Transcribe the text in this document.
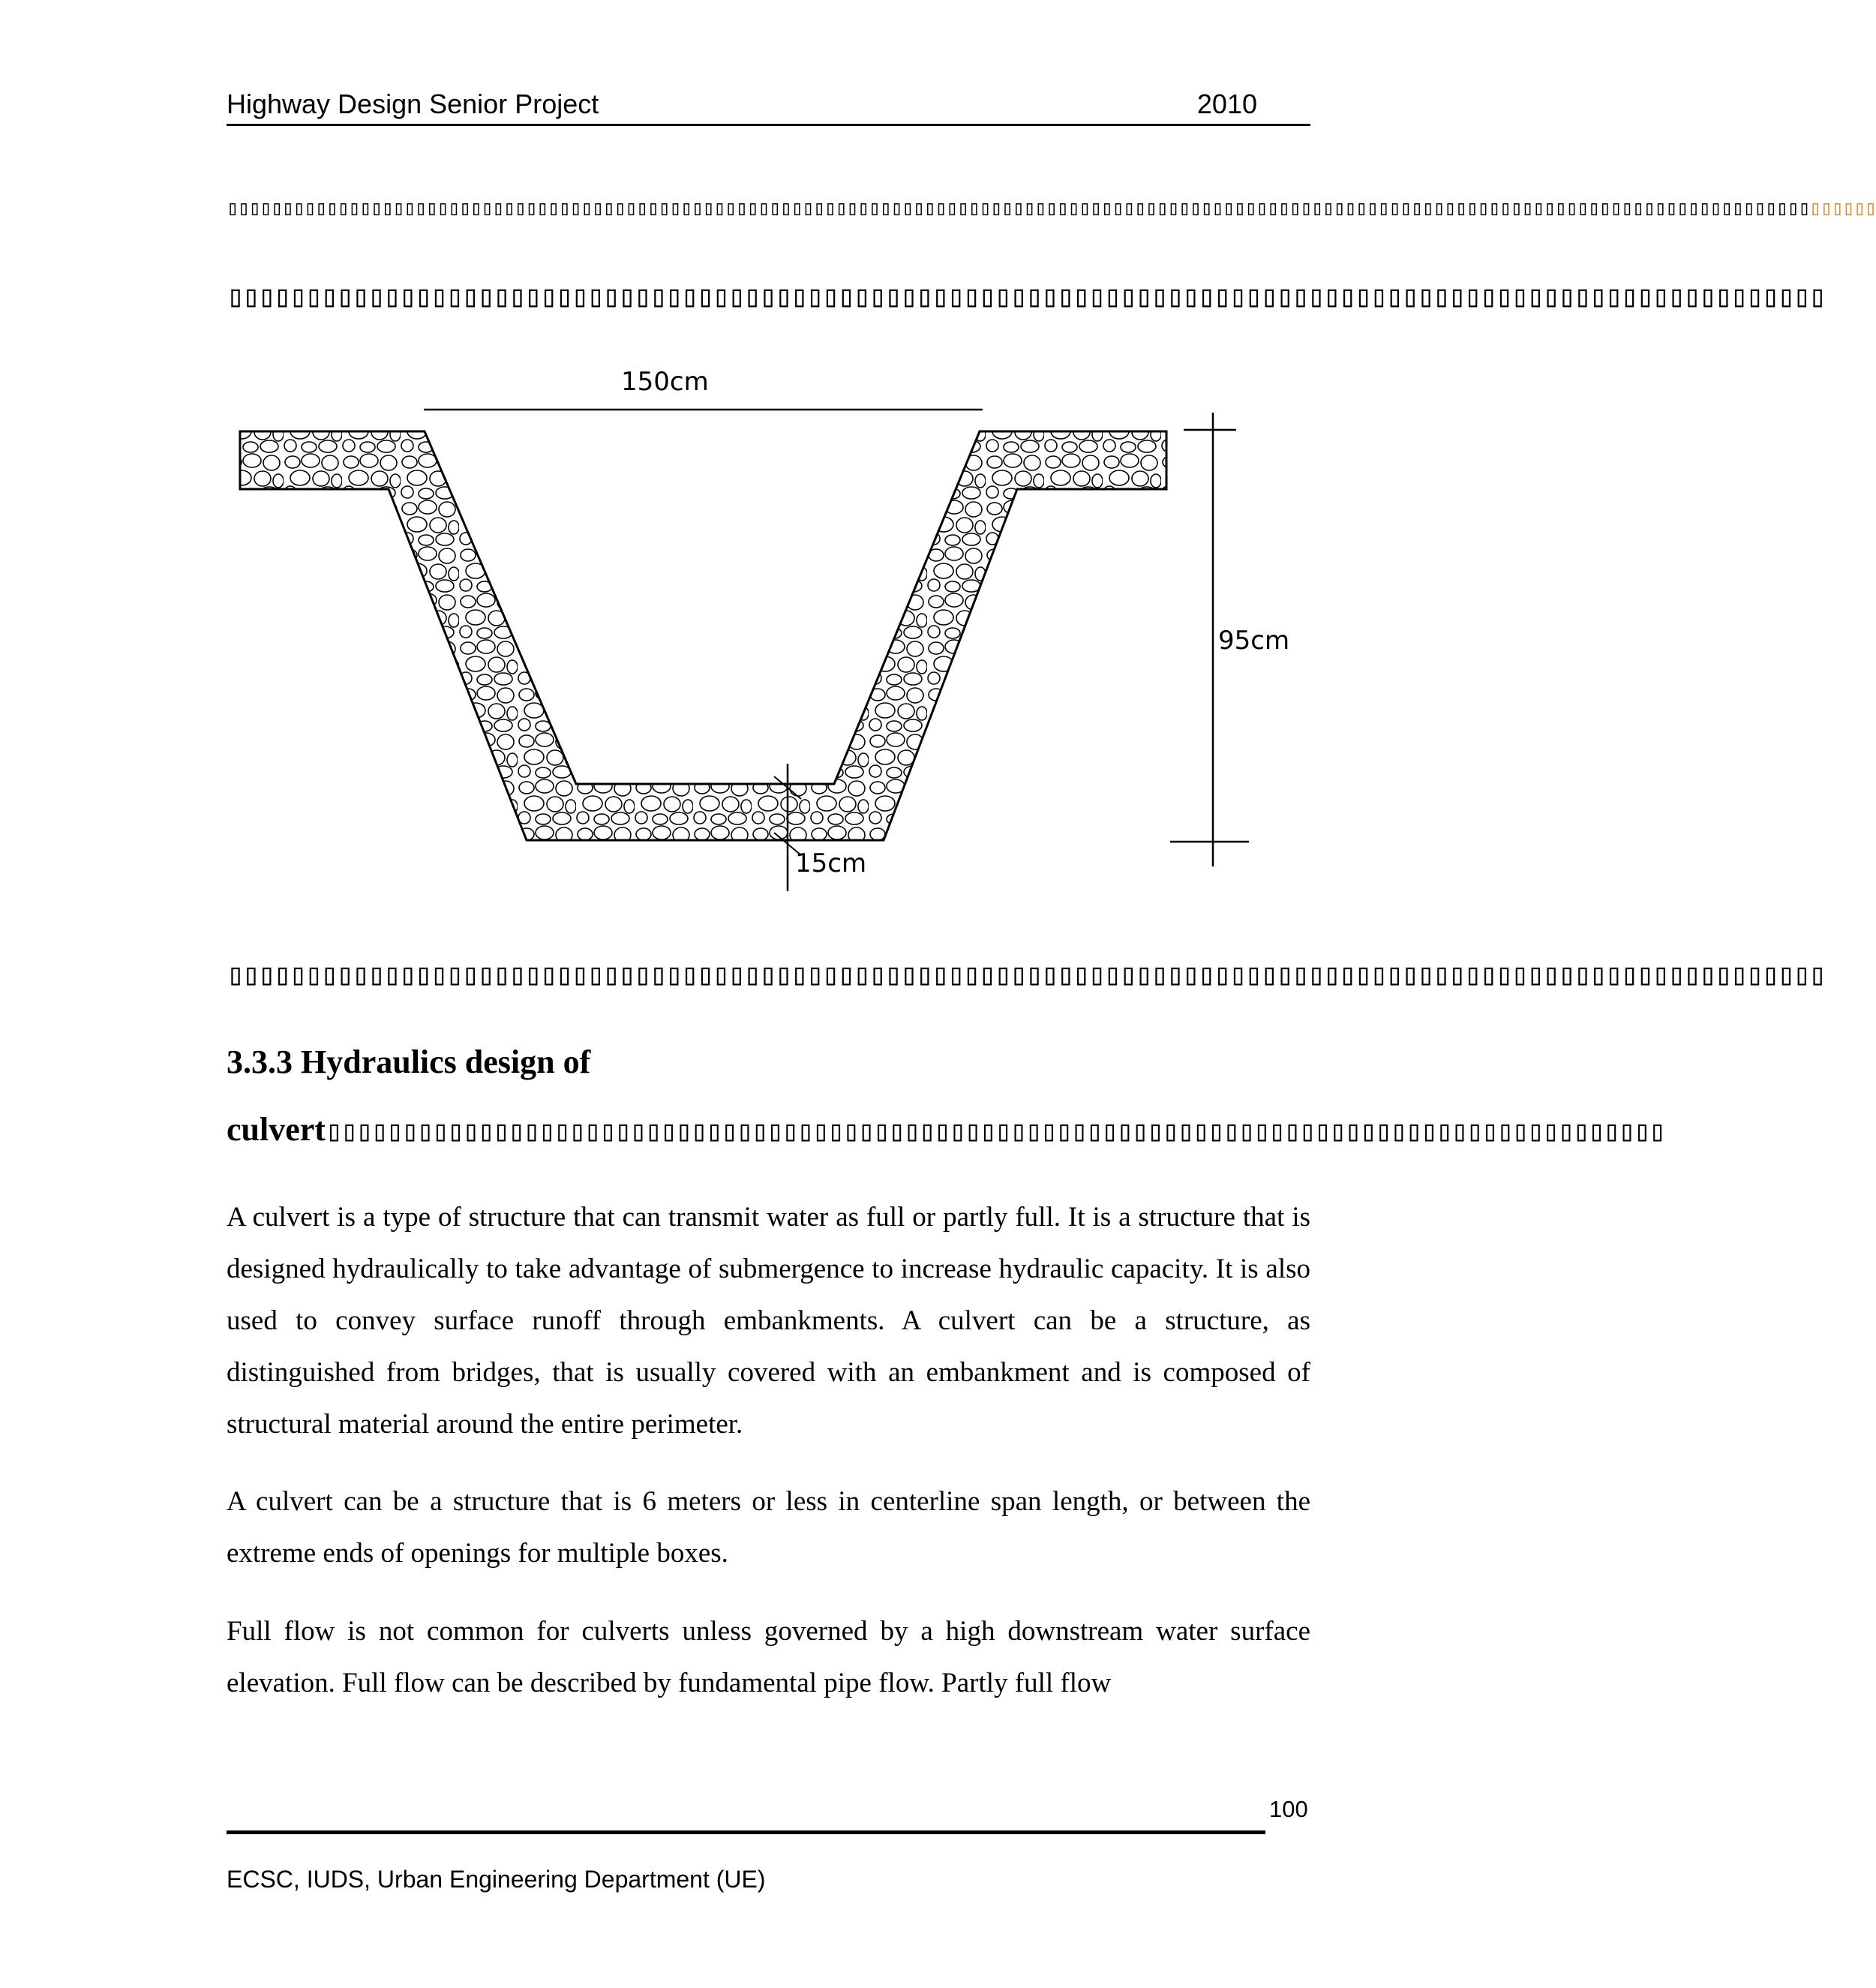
Highway Design Senior Project	2010
▯▯▯▯▯▯▯▯▯▯▯▯▯▯▯▯▯▯▯▯▯▯▯▯▯▯▯▯▯▯▯▯▯▯▯▯▯▯▯▯▯▯▯▯▯▯▯▯▯▯▯▯▯▯▯▯▯▯▯▯▯▯▯▯▯▯▯▯▯▯▯▯▯▯▯▯▯▯▯▯▯▯▯▯▯▯▯▯▯▯▯▯▯▯▯▯▯▯▯▯▯▯▯▯▯▯▯▯▯▯▯▯▯▯▯▯▯▯▯▯▯▯▯▯▯▯▯▯▯▯▯▯▯▯▯▯▯▯▯▯▯▯▯▯▯▯▯▯▯
▯▯▯▯▯▯▯▯▯▯▯▯▯▯▯▯▯▯▯▯▯▯▯▯▯▯▯▯▯▯▯▯▯▯▯▯▯▯▯▯▯▯▯▯▯▯▯▯▯▯▯▯▯▯▯▯▯▯▯▯▯▯▯▯▯▯▯▯▯▯▯▯▯▯▯▯▯▯▯▯▯▯▯▯▯▯▯▯▯▯▯▯▯▯▯▯▯▯▯▯▯▯
150cm
95cm
15cm
▯▯▯▯▯▯▯▯▯▯▯▯▯▯▯▯▯▯▯▯▯▯▯▯▯▯▯▯▯▯▯▯▯▯▯▯▯▯▯▯▯▯▯▯▯▯▯▯▯▯▯▯▯▯▯▯▯▯▯▯▯▯▯▯▯▯▯▯▯▯▯▯▯▯▯▯▯▯▯▯▯▯▯▯▯▯▯▯▯▯▯▯▯▯▯▯▯▯▯▯▯▯
3.3.3 Hydraulics design of
culvert▯▯▯▯▯▯▯▯▯▯▯▯▯▯▯▯▯▯▯▯▯▯▯▯▯▯▯▯▯▯▯▯▯▯▯▯▯▯▯▯▯▯▯▯▯▯▯▯▯▯▯▯▯▯▯▯▯▯▯▯▯▯▯▯▯▯▯▯▯▯▯▯▯▯▯▯▯▯▯▯▯▯▯▯▯▯▯▯

A culvert is a type of structure that can transmit water as full or partly full. It is a structure that is designed hydraulically to take advantage of submergence to increase hydraulic capacity. It is also used to convey surface runoff through embankments. A culvert can be a structure, as distinguished from bridges, that is usually covered with an embankment and is composed of structural material around the entire perimeter.

A culvert can be a structure that is 6 meters or less in centerline span length, or between the extreme ends of openings for multiple boxes.

Full flow is not common for culverts unless governed by a high downstream water surface elevation. Full flow can be described by fundamental pipe flow. Partly full flow

100
ECSC, IUDS, Urban Engineering Department (UE)
